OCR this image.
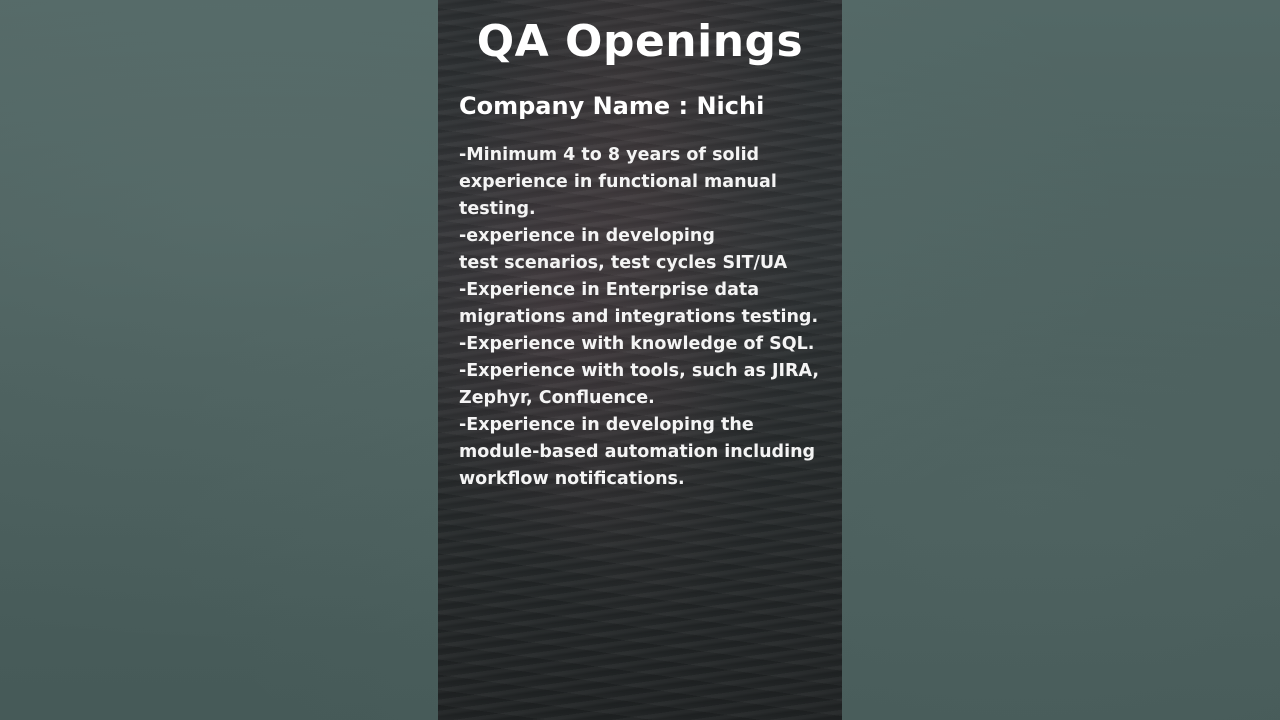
QA Openings
Company Name : Nichi
-Minimum 4 to 8 years of solid
experience in functional manual
testing.
-experience in developing
test scenarios, test cycles SIT/UA
-Experience in Enterprise data
migrations and integrations testing.
-Experience with knowledge of SQL.
-Experience with tools, such as JIRA,
Zephyr, Confluence.
-Experience in developing the
module-based automation including
workflow notifications.
